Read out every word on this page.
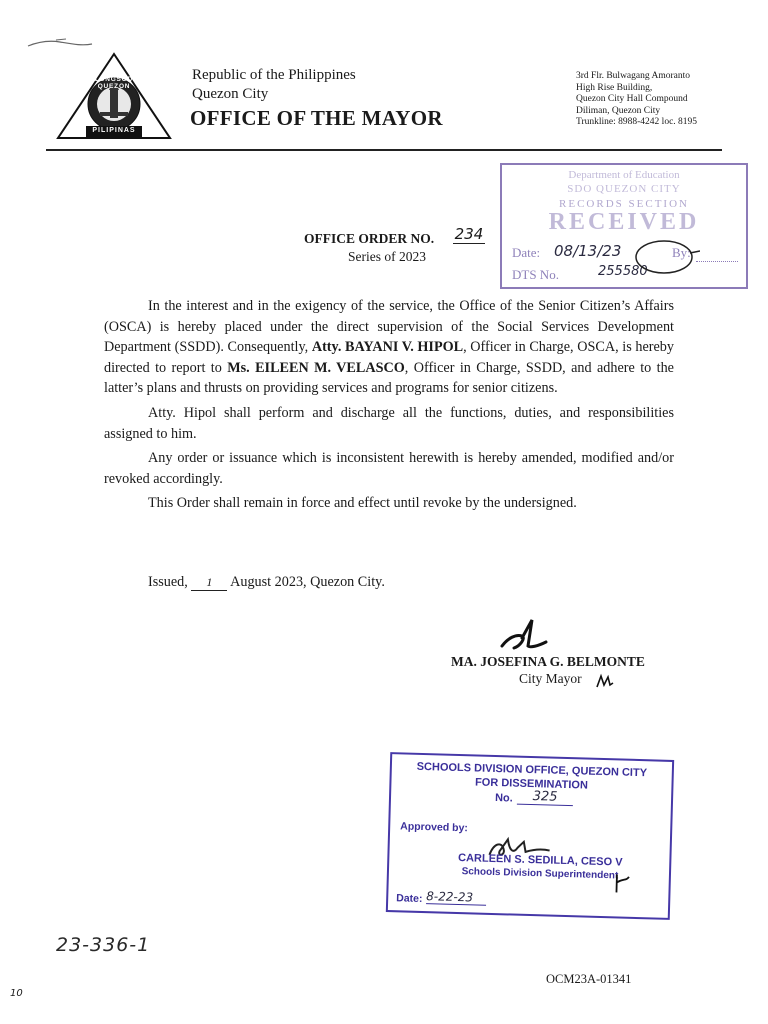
LUNGSOD QUEZON
PILIPINAS
Republic of the Philippines
Quezon City
OFFICE OF THE MAYOR
3rd Flr. Bulwagang Amoranto
High Rise Building,
Quezon City Hall Compound
Diliman, Quezon City
Trunkline: 8988-4242 loc. 8195
Department of Education
SDO QUEZON CITY
RECORDS SECTION
RECEIVED
Date: 08/13/23	By:
DTS No.	255580
OFFICE ORDER NO. 234
Series of 2023

In the interest and in the exigency of the service, the Office of the Senior Citizen’s Affairs (OSCA) is hereby placed under the direct supervision of the Social Services Development Department (SSDD). Consequently, Atty. BAYANI V. HIPOL, Officer in Charge, OSCA, is hereby directed to report to Ms. EILEEN M. VELASCO, Officer in Charge, SSDD, and adhere to the latter’s plans and thrusts on providing services and programs for senior citizens.

Atty. Hipol shall perform and discharge all the functions, duties, and responsibilities assigned to him.

Any order or issuance which is inconsistent herewith is hereby amended, modified and/or revoked accordingly.

This Order shall remain in force and effect until revoke by the undersigned.

Issued, 1 August 2023, Quezon City.
MA. JOSEFINA G. BELMONTE
City Mayor
SCHOOLS DIVISION OFFICE, QUEZON CITY
FOR DISSEMINATION
No.	325
Approved by:
CARLEEN S. SEDILLA, CESO V
Schools Division Superintendent
Date: 8-22-23
23-336-1
OCM23A-01341
10
